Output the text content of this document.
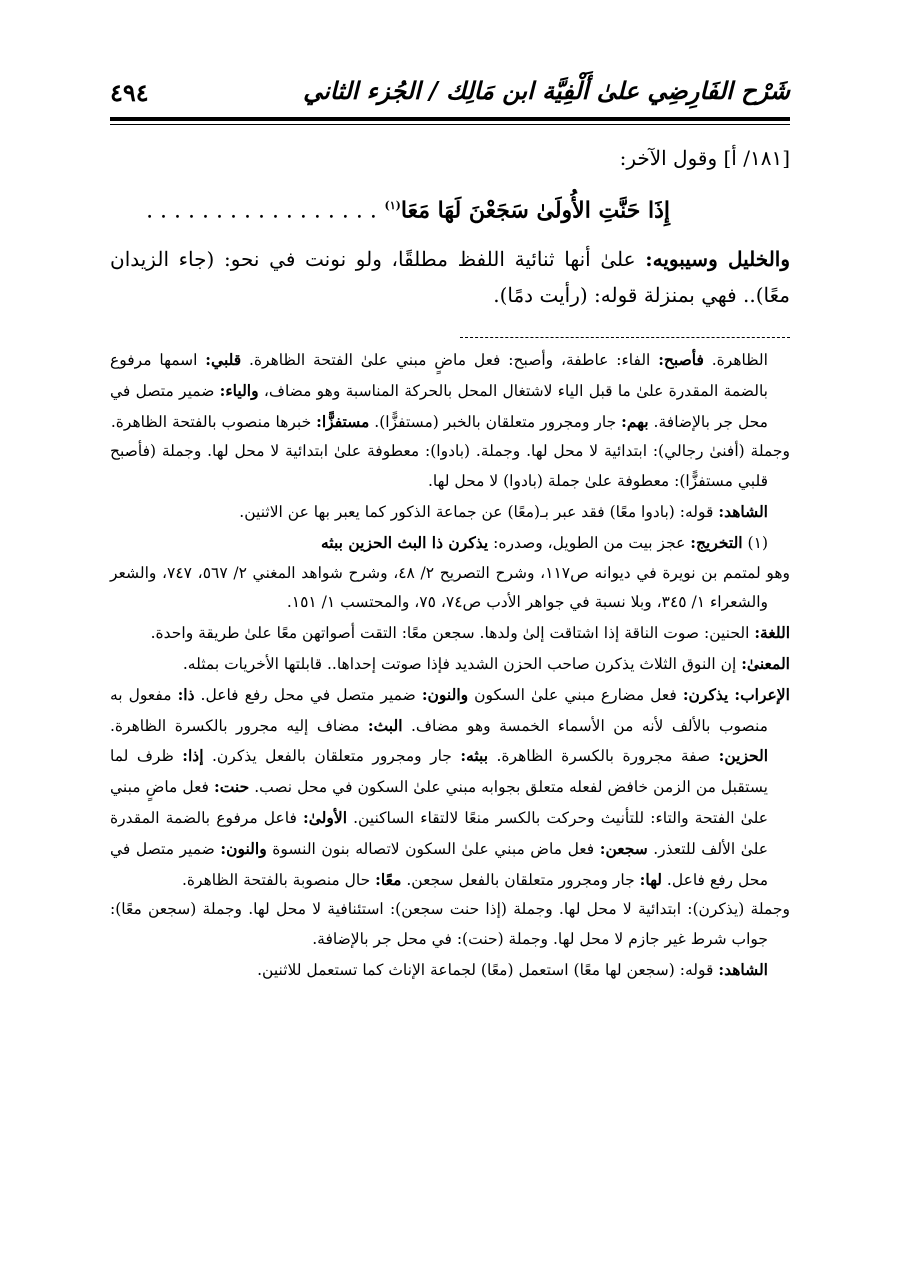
٤٩٤	شَرْح الفَارِضِي علىٰ أَلْفِيَّة ابن مَالِك / الجُزء الثاني

[١٨١/ أ] وقول الآخر:

إِذَا حَنَّتِ الأُولَىٰ سَجَعْنَ لَهَا مَعَا$^{(١)}$ . . . . . . . . . . . . . . . . .

والخليل وسيبويه: علىٰ أنها ثنائية اللفظ مطلقًا، ولو نونت في نحو: (جاء الزيدان معًا).. فهي بمنزلة قوله: (رأيت دمًا).

الظاهرة. فأصبح: الفاء: عاطفة، وأصبح: فعل ماضٍ مبني علىٰ الفتحة الظاهرة. قلبي: اسمها مرفوع بالضمة المقدرة علىٰ ما قبل الياء لاشتغال المحل بالحركة المناسبة وهو مضاف، والياء: ضمير متصل في محل جر بالإضافة. بهم: جار ومجرور متعلقان بالخبر (مستفزًّا). مستفزًّا: خبرها منصوب بالفتحة الظاهرة.

وجملة (أفنىٰ رجالي): ابتدائية لا محل لها. وجملة. (بادوا): معطوفة علىٰ ابتدائية لا محل لها. وجملة (فأصبح قلبي مستفزًّا): معطوفة علىٰ جملة (بادوا) لا محل لها.

الشاهد: قوله: (بادوا معًا) فقد عبر بـ(معًا) عن جماعة الذكور كما يعبر بها عن الاثنين.

(١) التخريج: عجز بيت من الطويل، وصدره: يذكرن ذا البث الحزين ببثه

وهو لمتمم بن نويرة في ديوانه ص١١٧، وشرح التصريح ٢/ ٤٨، وشرح شواهد المغني ٢/ ٥٦٧، ٧٤٧، والشعر والشعراء ١/ ٣٤٥، وبلا نسبة في جواهر الأدب ص٧٤، ٧٥، والمحتسب ١/ ١٥١.

اللغة: الحنين: صوت الناقة إذا اشتاقت إلىٰ ولدها. سجعن معًا: التقت أصواتهن معًا علىٰ طريقة واحدة.

المعنىٰ: إن النوق الثلاث يذكرن صاحب الحزن الشديد فإذا صوتت إحداها.. قابلتها الأخريات بمثله.

الإعراب: يذكرن: فعل مضارع مبني علىٰ السكون والنون: ضمير متصل في محل رفع فاعل. ذا: مفعول به منصوب بالألف لأنه من الأسماء الخمسة وهو مضاف. البث: مضاف إليه مجرور بالكسرة الظاهرة. الحزين: صفة مجرورة بالكسرة الظاهرة. ببثه: جار ومجرور متعلقان بالفعل يذكرن. إذا: ظرف لما يستقبل من الزمن خافض لفعله متعلق بجوابه مبني علىٰ السكون في محل نصب. حنت: فعل ماضٍ مبني علىٰ الفتحة والتاء: للتأنيث وحركت بالكسر منعًا لالتقاء الساكنين. الأولىٰ: فاعل مرفوع بالضمة المقدرة علىٰ الألف للتعذر. سجعن: فعل ماض مبني علىٰ السكون لاتصاله بنون النسوة والنون: ضمير متصل في محل رفع فاعل. لها: جار ومجرور متعلقان بالفعل سجعن. معًا: حال منصوبة بالفتحة الظاهرة.

وجملة (يذكرن): ابتدائية لا محل لها. وجملة (إذا حنت سجعن): استئنافية لا محل لها. وجملة (سجعن معًا): جواب شرط غير جازم لا محل لها. وجملة (حنت): في محل جر بالإضافة.

الشاهد: قوله: (سجعن لها معًا) استعمل (معًا) لجماعة الإناث كما تستعمل للاثنين.
